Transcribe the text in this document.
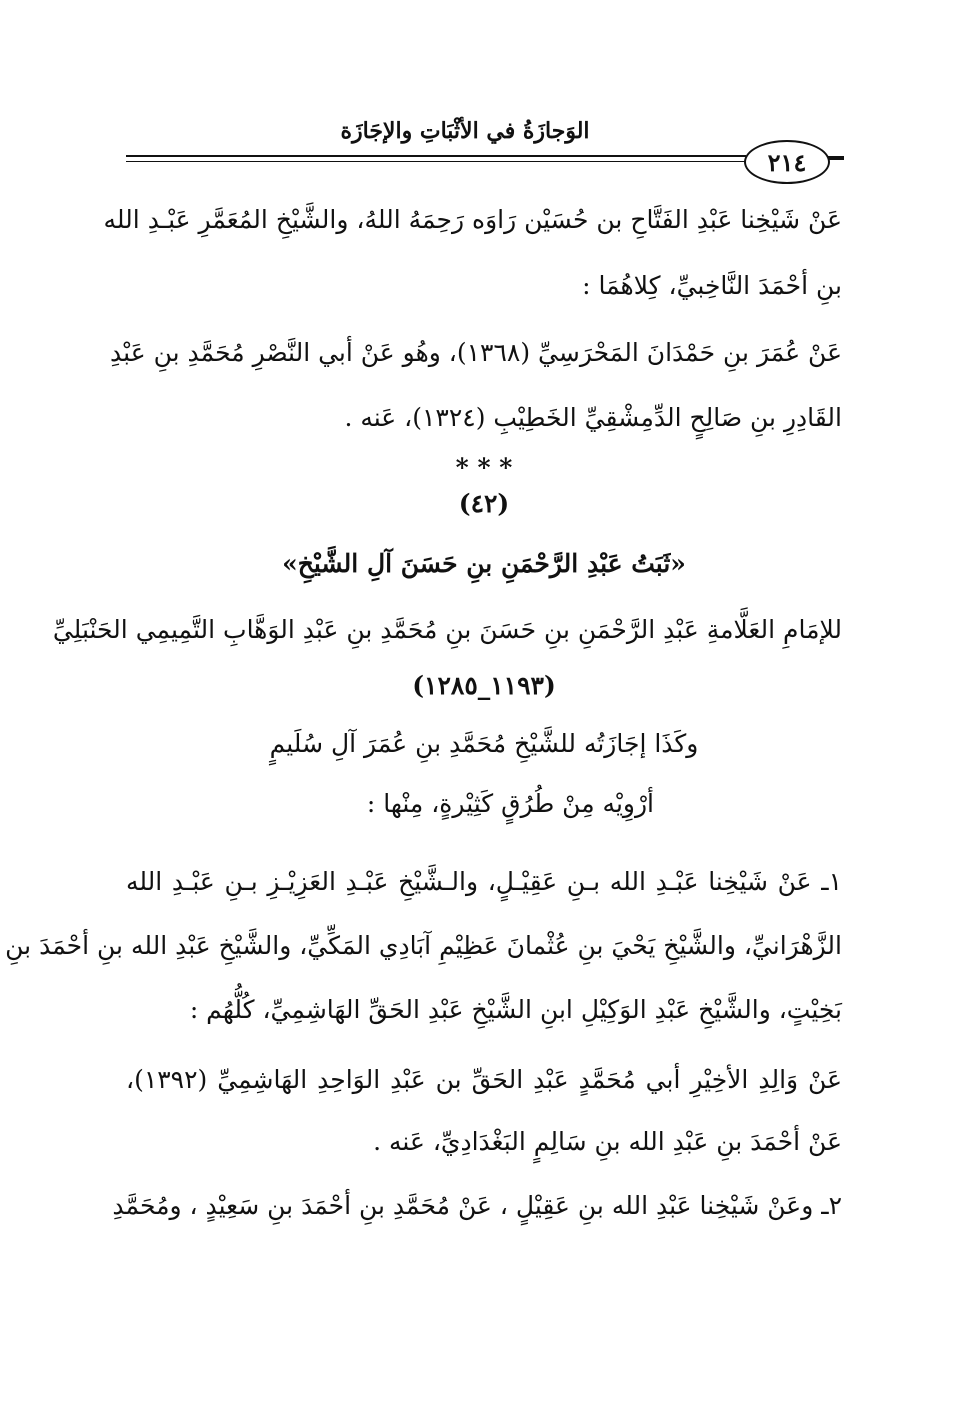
الوَجازَةُ في الأثْبَاتِ والإجَازَة
٢١٤
عَنْ شَيْخِنا عَبْدِ الفَتَّاحِ بن حُسَيْن رَاوَه رَحِمَهُ اللهُ، والشَّيْخِ المُعَمَّرِ عَبْـدِ الله
بنِ أحْمَدَ النَّاخِبيِّ، كِلاهُمَا :
عَنْ عُمَرَ بنِ حَمْدَانَ المَحْرَسِيِّ (١٣٦٨)، وهُو عَنْ أبي النَّصْرِ مُحَمَّدِ بنِ عَبْدِ
القَادِرِ بنِ صَالِحٍ الدِّمِشْقِيِّ الخَطِيْبِ (١٣٢٤)، عَنه .
* * *
(٤٢)
«ثَبَتُ عَبْدِ الرَّحْمَنِ بنِ حَسَنَ آلِ الشَّيْخِ»
للإمَامِ العَلَّامةِ عَبْدِ الرَّحْمَنِ بنِ حَسَنَ بنِ مُحَمَّدِ بنِ عَبْدِ الوَهَّابِ التَّمِيمِي الحَنْبَلِيِّ
(١١٩٣_١٢٨٥)
وكَذَا إجَازَتُه للشَّيْخِ مُحَمَّدِ بنِ عُمَرَ آلِ سُلَيمٍ
أرْوِيْه مِنْ طُرُقٍ كَثِيْرةٍ، مِنْها :
١ـ عَنْ شَيْخِنا عَبْـدِ الله بـنِ عَقِيْـلٍ، والـشَّيْخِ عَبْـدِ العَزِيْـزِ بـنِ عَبْـدِ الله
الزَّهْرَانيِّ، والشَّيْخِ يَحْيَ بنِ عُثْمانَ عَظِيْمِ آبَادِي المَكِّيِّ، والشَّيْخِ عَبْدِ الله بنِ أحْمَدَ بنِ
بَخِيْتٍ، والشَّيْخِ عَبْدِ الوَكِيْلِ ابنِ الشَّيْخِ عَبْدِ الحَقِّ الهَاشِمِيِّ، كُلُّهُم :
عَنْ وَالِدِ الأخِيْرِ أبي مُحَمَّدٍ عَبْدِ الحَقِّ بن عَبْدِ الوَاحِدِ الهَاشِمِيِّ (١٣٩٢)،
عَنْ أحْمَدَ بنِ عَبْدِ الله بنِ سَالِمٍ البَغْدَادِيِّ، عَنه .
٢ـ وعَنْ شَيْخِنا عَبْدِ الله بنِ عَقِيْلٍ ، عَنْ مُحَمَّدِ بنِ أحْمَدَ بنِ سَعِيْدٍ ، ومُحَمَّدِ
